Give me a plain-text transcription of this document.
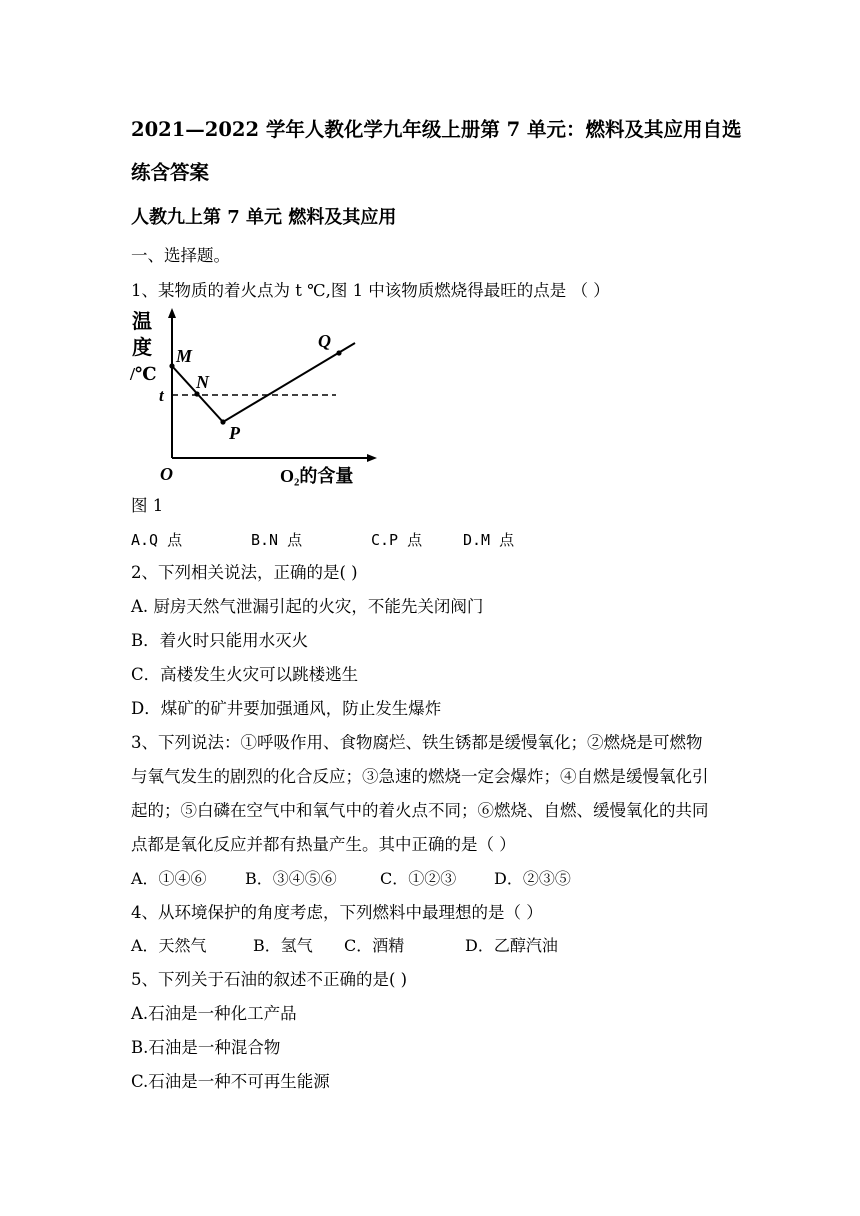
2021—2022 学年人教化学九年级上册第 7 单元：燃料及其应用自选
练含答案
人教九上第 7 单元 燃料及其应用
一、选择题。
1、某物质的着火点为 t ℃,图 1 中该物质燃烧得最旺的点是 （ ）
温
度
/℃
t
M
N
P
Q
O	O₂的含量
图 1
A.Q 点	B.N 点	C.P 点	D.M 点
2、下列相关说法，正确的是( )
A. 厨房天然气泄漏引起的火灾，不能先关闭阀门
B．着火时只能用水灭火
C．高楼发生火灾可以跳楼逃生
D．煤矿的矿井要加强通风，防止发生爆炸
3、下列说法：①呼吸作用、食物腐烂、铁生锈都是缓慢氧化；②燃烧是可燃物
与氧气发生的剧烈的化合反应；③急速的燃烧一定会爆炸；④自燃是缓慢氧化引
起的；⑤白磷在空气中和氧气中的着火点不同；⑥燃烧、自燃、缓慢氧化的共同
点都是氧化反应并都有热量产生。其中正确的是（ ）
A．①④⑥ B．③④⑤⑥	C．①②③ D．②③⑤
4、从环境保护的角度考虑，下列燃料中最理想的是（ ）
A．天然气	B．氢气 C．酒精	D．乙醇汽油
5、下列关于石油的叙述不正确的是( )
A.石油是一种化工产品
B.石油是一种混合物
C.石油是一种不可再生能源
